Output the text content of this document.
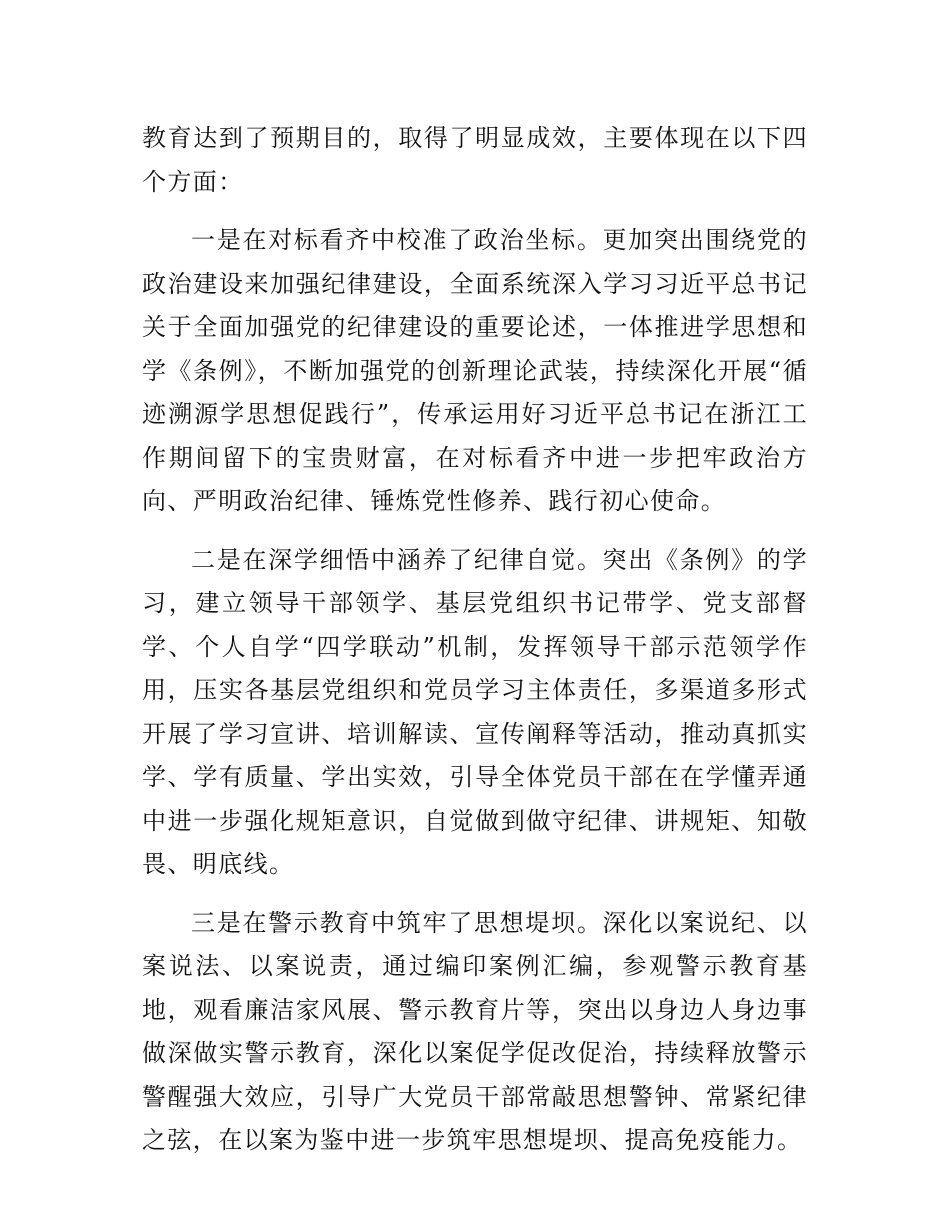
教育达到了预期目的，取得了明显成效，主要体现在以下四个方面：

一是在对标看齐中校准了政治坐标。更加突出围绕党的政治建设来加强纪律建设，全面系统深入学习习近平总书记关于全面加强党的纪律建设的重要论述，一体推进学思想和学《条例》，不断加强党的创新理论武装，持续深化开展“循迹溯源学思想促践行”，传承运用好习近平总书记在浙江工作期间留下的宝贵财富，在对标看齐中进一步把牢政治方向、严明政治纪律、锤炼党性修养、践行初心使命。

二是在深学细悟中涵养了纪律自觉。突出《条例》的学习，建立领导干部领学、基层党组织书记带学、党支部督学、个人自学“四学联动”机制，发挥领导干部示范领学作用，压实各基层党组织和党员学习主体责任，多渠道多形式开展了学习宣讲、培训解读、宣传阐释等活动，推动真抓实学、学有质量、学出实效，引导全体党员干部在在学懂弄通中进一步强化规矩意识，自觉做到做守纪律、讲规矩、知敬畏、明底线。

三是在警示教育中筑牢了思想堤坝。深化以案说纪、以案说法、以案说责，通过编印案例汇编，参观警示教育基地，观看廉洁家风展、警示教育片等，突出以身边人身边事做深做实警示教育，深化以案促学促改促治，持续释放警示警醒强大效应，引导广大党员干部常敲思想警钟、常紧纪律之弦，在以案为鉴中进一步筑牢思想堤坝、提高免疫能力。
